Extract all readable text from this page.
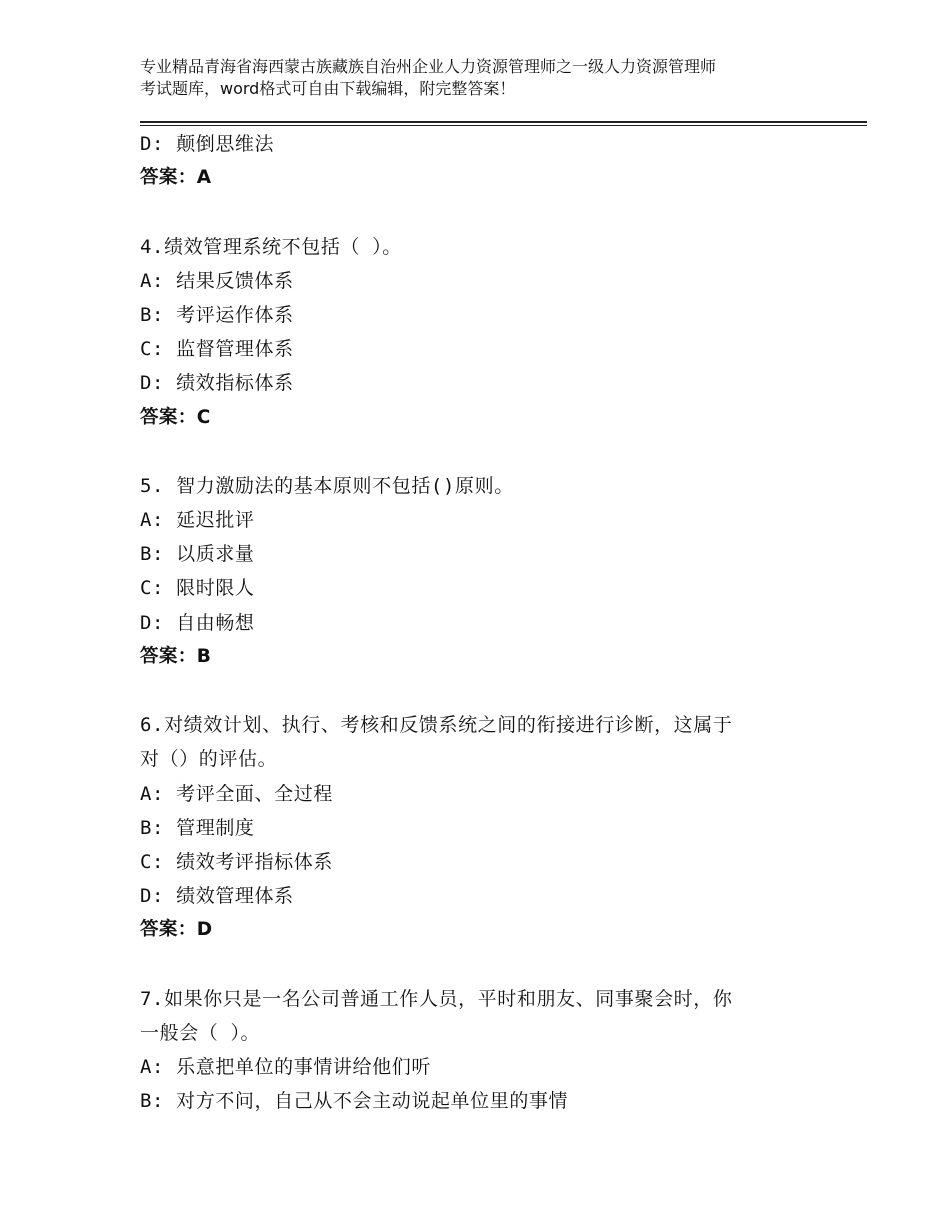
专业精品青海省海西蒙古族藏族自治州企业人力资源管理师之一级人力资源管理师
考试题库，word格式可自由下载编辑，附完整答案！
D: 颠倒思维法
答案：A
4.绩效管理系统不包括（ ）。
A: 结果反馈体系
B: 考评运作体系
C: 监督管理体系
D: 绩效指标体系
答案：C
5. 智力激励法的基本原则不包括()原则。
A: 延迟批评
B: 以质求量
C: 限时限人
D: 自由畅想
答案：B
6.对绩效计划、执行、考核和反馈系统之间的衔接进行诊断，这属于
对（）的评估。
A: 考评全面、全过程
B: 管理制度
C: 绩效考评指标体系
D: 绩效管理体系
答案：D
7.如果你只是一名公司普通工作人员，平时和朋友、同事聚会时，你
一般会（ ）。
A: 乐意把单位的事情讲给他们听
B: 对方不问，自己从不会主动说起单位里的事情
